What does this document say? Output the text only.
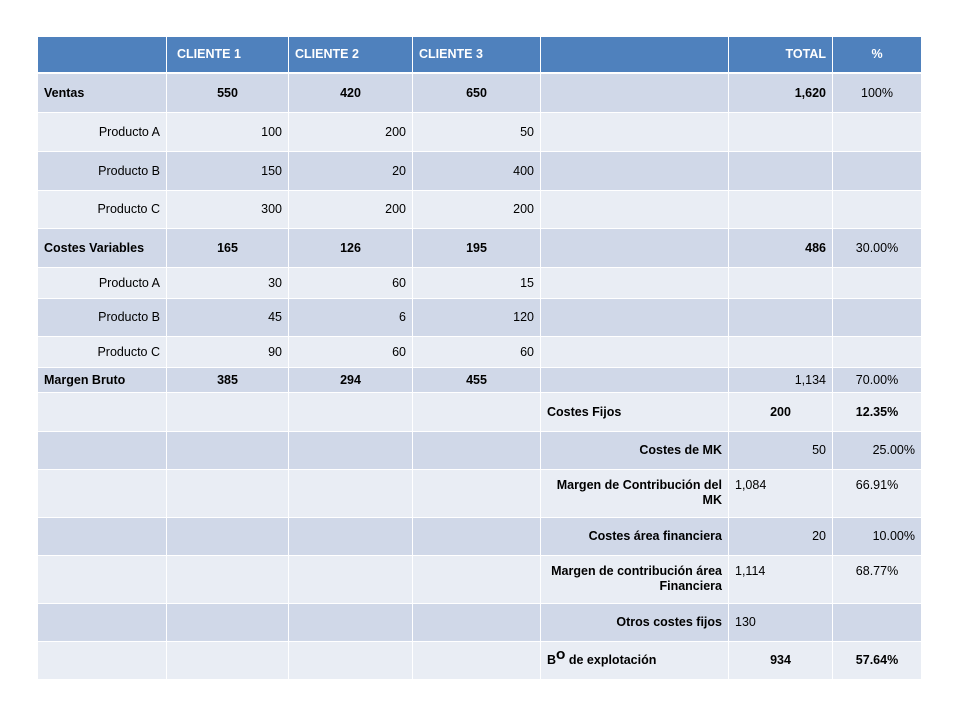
	CLIENTE 1	CLIENTE 2	CLIENTE 3		TOTAL	%
Ventas	550	420	650		1,620	100%
Producto A	100	200	50			
Producto B	150	20	400			
Producto C	300	200	200			
Costes Variables	165	126	195		486	30.00%
Producto A	30	60	15			
Producto B	45	6	120			
Producto C	90	60	60			
Margen Bruto	385	294	455		1,134	70.00%
				Costes Fijos	200	12.35%
				Costes de MK	50	25.00%
				Margen de Contribución del MK	1,084	66.91%
				Costes área financiera	20	10.00%
				Margen de contribución área Financiera	1,114	68.77%
				Otros costes fijos	130	
				BO de explotación	934	57.64%
